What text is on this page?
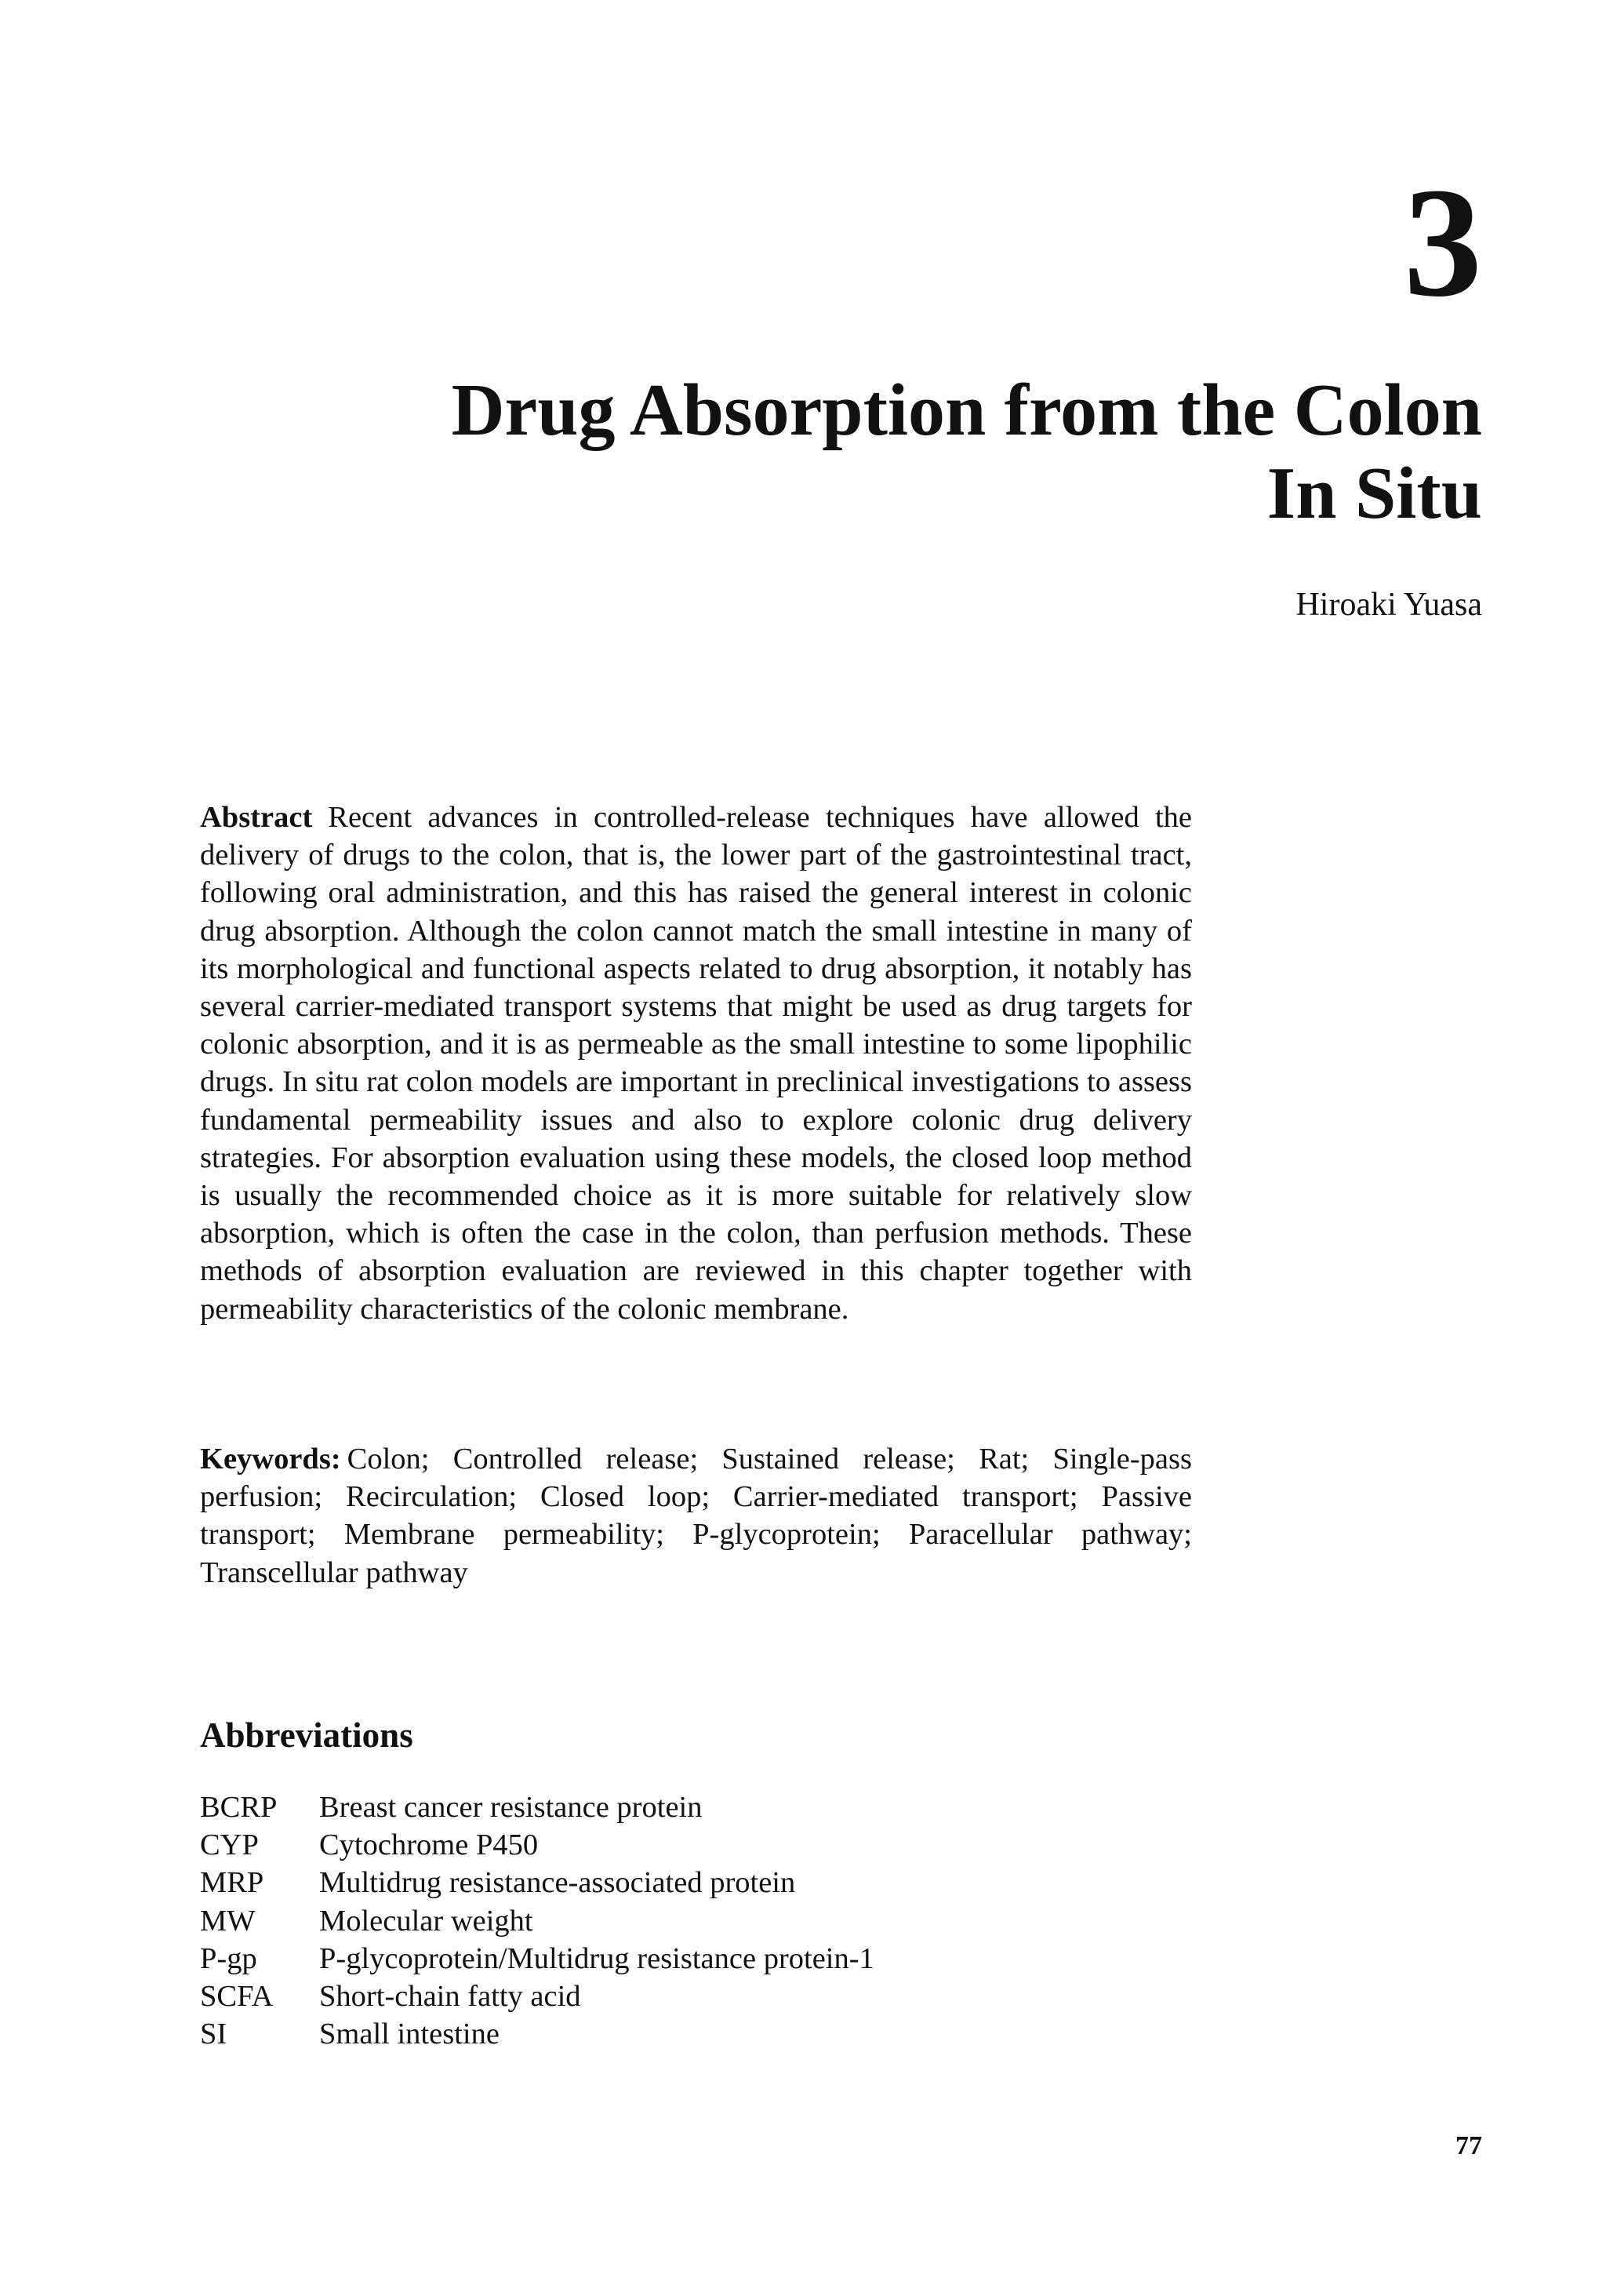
3
Drug Absorption from the Colon
In Situ
Hiroaki Yuasa

Abstract Recent advances in controlled-release techniques have allowed the delivery of drugs to the colon, that is, the lower part of the gastrointestinal tract, following oral administration, and this has raised the general interest in colonic drug absorption. Although the colon cannot match the small intestine in many of its morphological and functional aspects related to drug absorption, it notably has several carrier-mediated transport systems that might be used as drug targets for colonic absorption, and it is as permeable as the small intestine to some lipophilic drugs. In situ rat colon models are important in preclinical investigations to assess fundamental permeability issues and also to explore colonic drug delivery strategies. For absorption evaluation using these models, the closed loop method is usually the recommended choice as it is more suitable for relatively slow absorption, which is often the case in the colon, than perfusion methods. These methods of absorption evaluation are reviewed in this chapter together with permeability characteristics of the colonic membrane.

Keywords: Colon; Controlled release; Sustained release; Rat; Single-pass perfusion; Recirculation; Closed loop; Carrier-mediated transport; Passive transport; Membrane permeability; P-glycoprotein; Paracellular pathway; Transcellular pathway

Abbreviations
BCRP	Breast cancer resistance protein
CYP	Cytochrome P450
MRP	Multidrug resistance-associated protein
MW	Molecular weight
P-gp	P-glycoprotein/Multidrug resistance protein-1
SCFA	Short-chain fatty acid
SI	Small intestine
77
